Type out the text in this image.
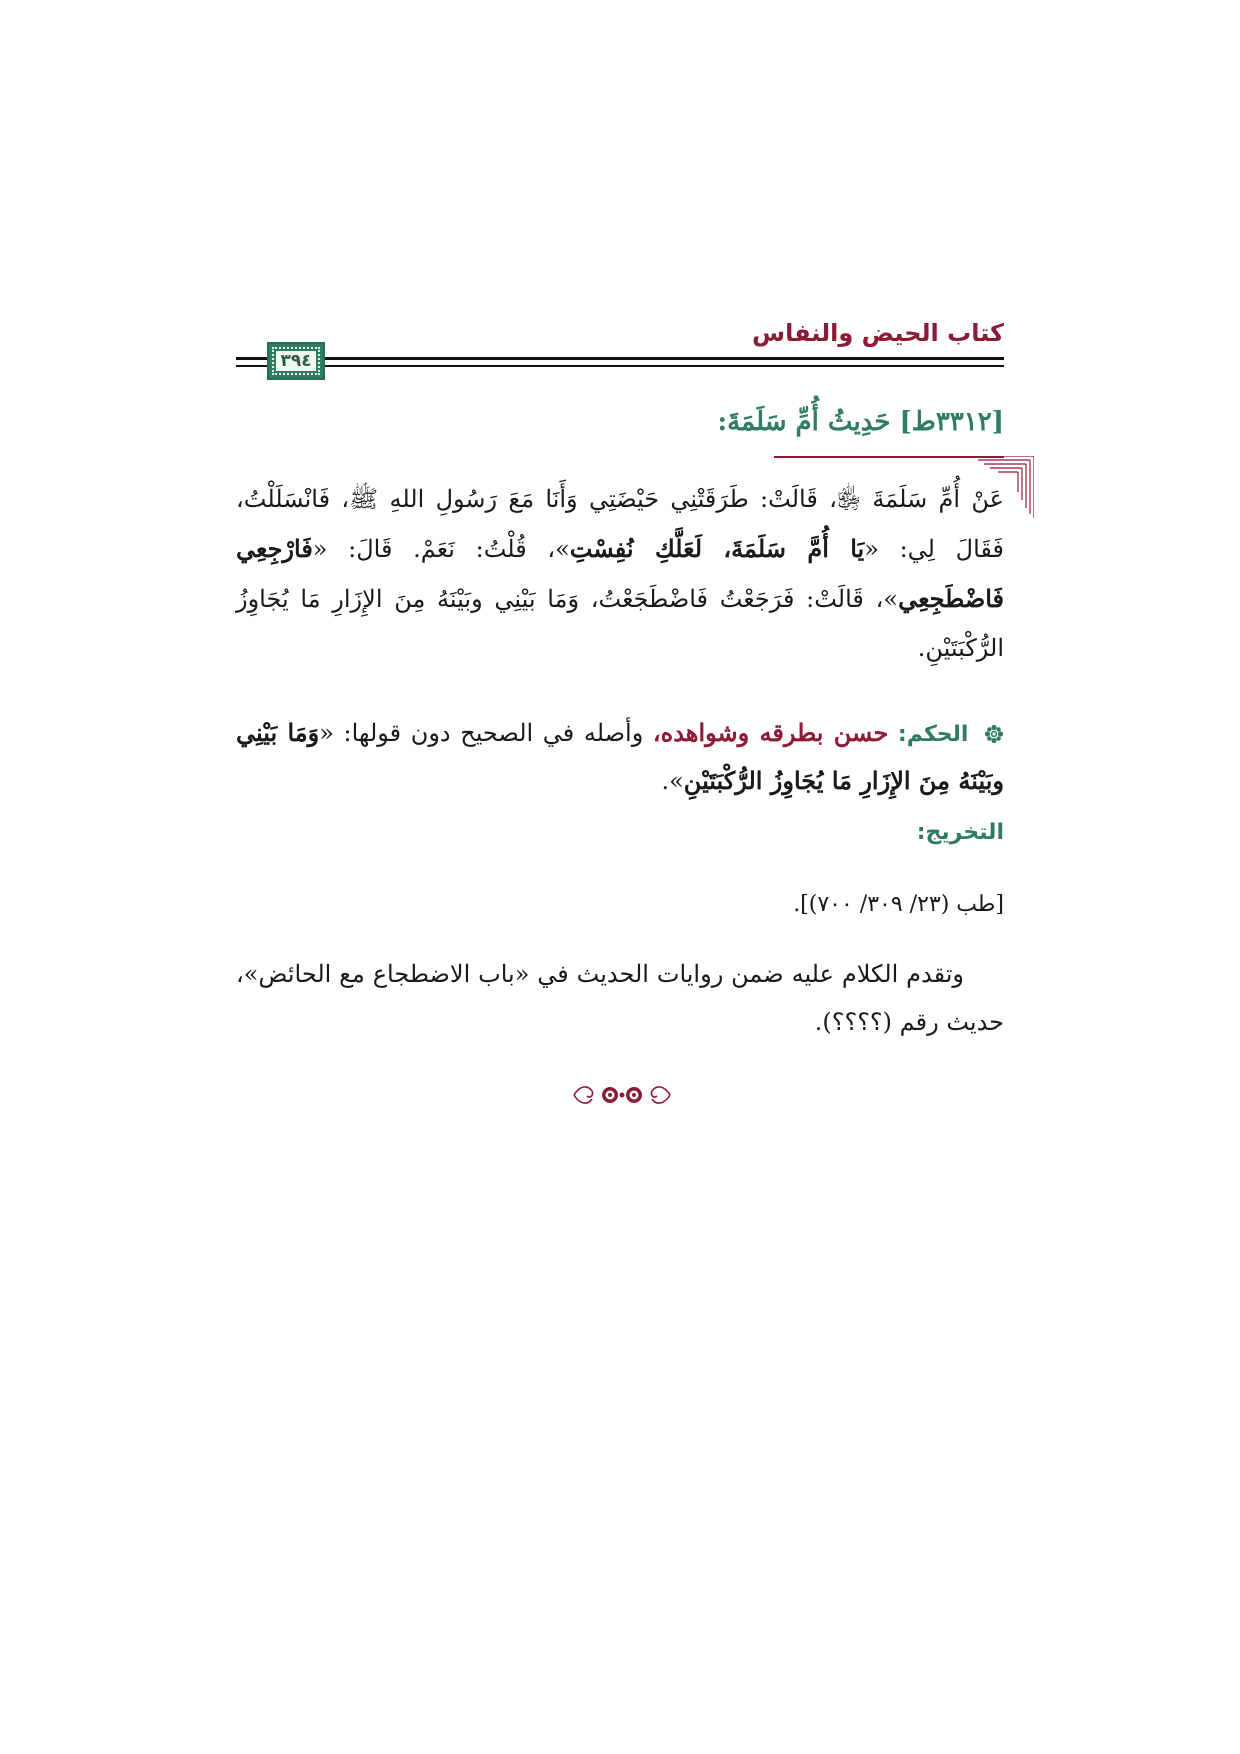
كتاب الحيض والنفاس
٣٩٤
[٣٣١٢ط] حَدِيثُ أُمِّ سَلَمَةَ:
عَنْ أُمِّ سَلَمَةَ ﵂، قَالَتْ: طَرَقَتْنِي حَيْضَتِي وَأَنَا مَعَ رَسُولِ اللهِ ﷺ، فَانْسَلَلْتُ، فَقَالَ لِي: «يَا أُمَّ سَلَمَةَ، لَعَلَّكِ نُفِسْتِ»، قُلْتُ: نَعَمْ. قَالَ: «فَارْجِعِي فَاضْطَجِعِي»، قَالَتْ: فَرَجَعْتُ فَاضْطَجَعْتُ، وَمَا بَيْنِي وبَيْنَهُ مِنَ الإِزَارِ مَا يُجَاوِزُ الرُّكْبَتَيْنِ.
الحكم: حسن بطرقه وشواهده، وأصله في الصحيح دون قولها: «وَمَا بَيْنِي وبَيْنَهُ مِنَ الإِزَارِ مَا يُجَاوِزُ الرُّكْبَتَيْنِ».
التخريج:
[طب (٢٣/ ٣٠٩/ ٧٠٠)].
وتقدم الكلام عليه ضمن روايات الحديث في «باب الاضطجاع مع الحائض»، حديث رقم (؟؟؟؟).
